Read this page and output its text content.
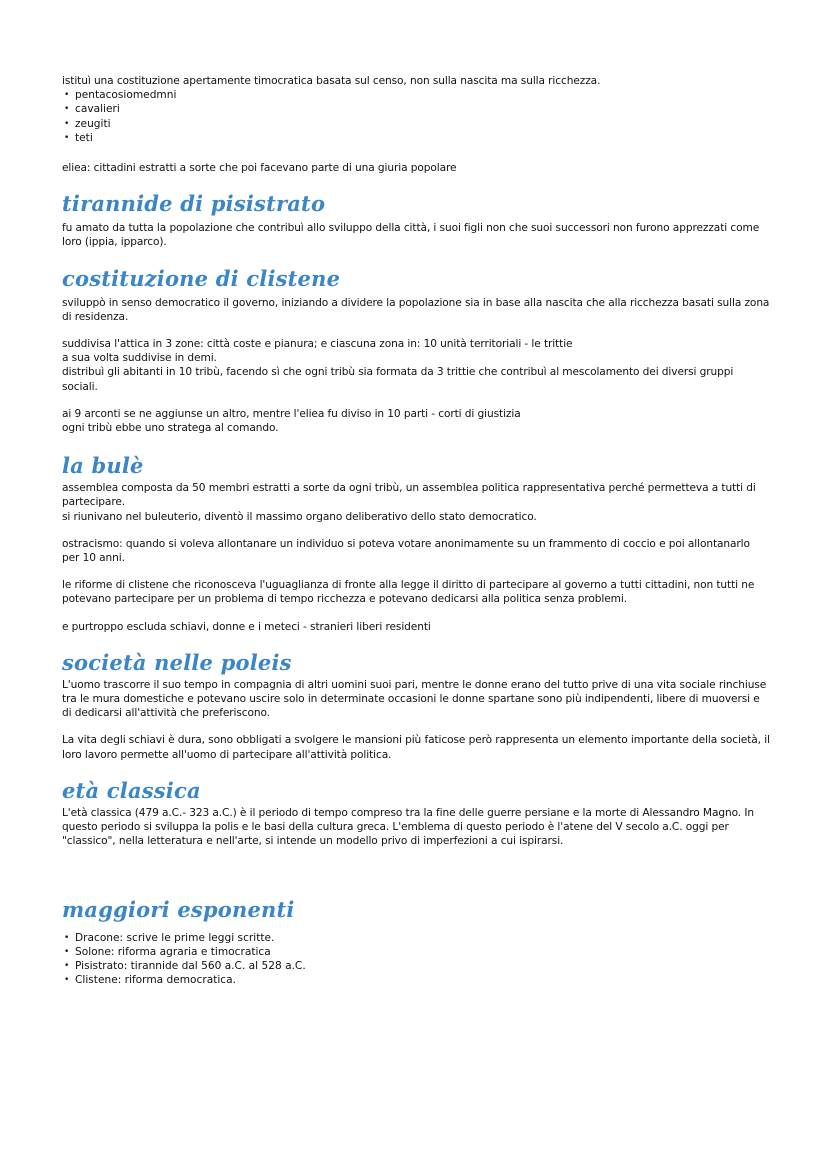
istituì una costituzione apertamente timocratica basata sul censo, non sulla nascita ma sulla ricchezza.

• pentacosiomedmni
• cavalieri
• zeugiti
• teti

eliea: cittadini estratti a sorte che poi facevano parte di una giuria popolare

tirannide di pisistrato

fu amato da tutta la popolazione che contribuì allo sviluppo della città, i suoi figli non che suoi successori non furono apprezzati come loro (ippia, ipparco).

costituzione di clistene

sviluppò in senso democratico il governo, iniziando a dividere la popolazione sia in base alla nascita che alla ricchezza basati sulla zona di residenza.

suddivisa l'attica in 3 zone: città coste e pianura; e ciascuna zona in: 10 unità territoriali - le trittie

a sua volta suddivise in demi.

distribuì gli abitanti in 10 tribù, facendo sì che ogni tribù sia formata da 3 trittie che contribuì al mescolamento dei diversi gruppi sociali.

ai 9 arconti se ne aggiunse un altro, mentre l'eliea fu diviso in 10 parti - corti di giustizia

ogni tribù ebbe uno stratega al comando.

la bulè

assemblea composta da 50 membri estratti a sorte da ogni tribù, un assemblea politica rappresentativa perché permetteva a tutti di partecipare.

si riunivano nel buleuterio, diventò il massimo organo deliberativo dello stato democratico.

ostracismo: quando si voleva allontanare un individuo si poteva votare anonimamente su un frammento di coccio e poi allontanarlo per 10 anni.

le riforme di clistene che riconosceva l'uguaglianza di fronte alla legge il diritto di partecipare al governo a tutti cittadini, non tutti ne potevano partecipare per un problema di tempo ricchezza e potevano dedicarsi alla politica senza problemi.

e purtroppo escluda schiavi, donne e i meteci - stranieri liberi residenti

società nelle poleis

L'uomo trascorre il suo tempo in compagnia di altri uomini suoi pari, mentre le donne erano del tutto prive di una vita sociale rinchiuse tra le mura domestiche e potevano uscire solo in determinate occasioni le donne spartane sono più indipendenti, libere di muoversi e di dedicarsi all'attività che preferiscono.

La vita degli schiavi è dura, sono obbligati a svolgere le mansioni più faticose però rappresenta un elemento importante della società, il loro lavoro permette all'uomo di partecipare all'attività politica.

età classica

L'età classica (479 a.C.- 323 a.C.) è il periodo di tempo compreso tra la fine delle guerre persiane e la morte di Alessandro Magno. In questo periodo si sviluppa la polis e le basi della cultura greca. L'emblema di questo periodo è l'atene del V secolo a.C. oggi per "classico", nella letteratura e nell'arte, si intende un modello privo di imperfezioni a cui ispirarsi.

maggiori esponenti
• Dracone: scrive le prime leggi scritte.
• Solone: riforma agraria e timocratica
• Pisistrato: tirannide dal 560 a.C. al 528 a.C.
• Clistene: riforma democratica.
